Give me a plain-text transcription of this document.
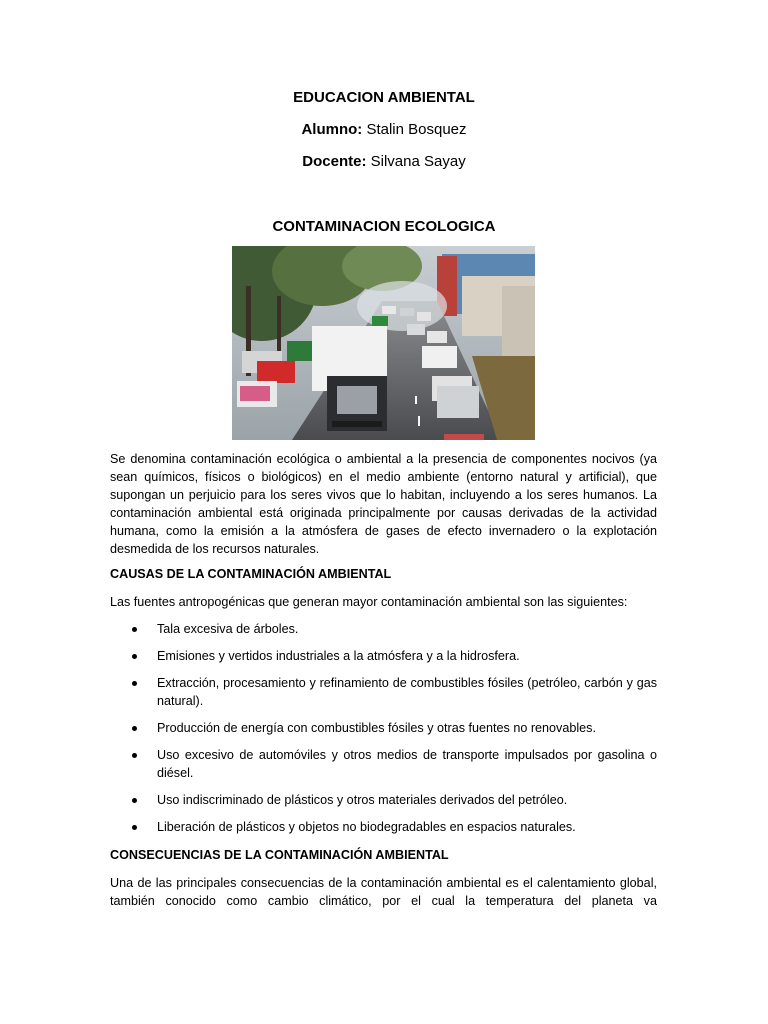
EDUCACION AMBIENTAL
Alumno: Stalin Bosquez
Docente: Silvana Sayay
CONTAMINACION ECOLOGICA
Se denomina contaminación ecológica o ambiental a la presencia de componentes nocivos (ya sean químicos, físicos o biológicos) en el medio ambiente (entorno natural y artificial), que supongan un perjuicio para los seres vivos que lo habitan, incluyendo a los seres humanos. La contaminación ambiental está originada principalmente por causas derivadas de la actividad humana, como la emisión a la atmósfera de gases de efecto invernadero o la explotación desmedida de los recursos naturales.
CAUSAS DE LA CONTAMINACIÓN AMBIENTAL
Las fuentes antropogénicas que generan mayor contaminación ambiental son las siguientes:
Tala excesiva de árboles.
Emisiones y vertidos industriales a la atmósfera y a la hidrosfera.
Extracción, procesamiento y refinamiento de combustibles fósiles (petróleo, carbón y gas natural).
Producción de energía con combustibles fósiles y otras fuentes no renovables.
Uso excesivo de automóviles y otros medios de transporte impulsados por gasolina o diésel.
Uso indiscriminado de plásticos y otros materiales derivados del petróleo.
Liberación de plásticos y objetos no biodegradables en espacios naturales.
CONSECUENCIAS DE LA CONTAMINACIÓN AMBIENTAL
Una de las principales consecuencias de la contaminación ambiental es el calentamiento global, también conocido como cambio climático, por el cual la temperatura del planeta va
